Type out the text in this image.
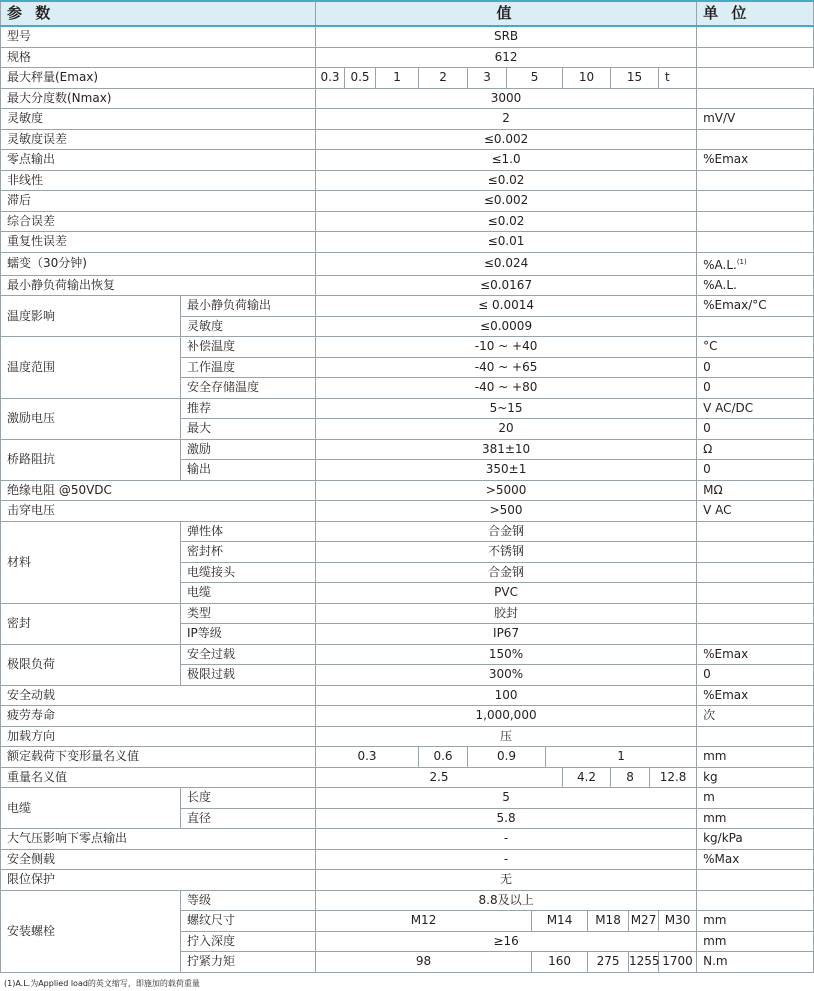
参 数		值														单 位
型号		SRB														
规格		612														
最大秤量(Emax)		0.3	0.5	1	2	3	5			10		15			t	
最大分度数(Nmax)		3000														
灵敏度		2														mV/V
灵敏度误差		≤0.002														
零点输出		≤1.0														%Emax
非线性		≤0.02														
滞后		≤0.002														
综合误差		≤0.02														
重复性误差		≤0.01														
蠕变（30分钟)		≤0.024														%A.L.$^{(1)}$
最小静负荷输出恢复		≤0.0167														%A.L.
温度影响	最小静负荷输出	≤ 0.0014														%Emax/°C
	灵敏度	≤0.0009														
温度范围	补偿温度	-10 ~ +40														°C
	工作温度	-40 ~ +65														0
	安全存储温度	-40 ~ +80														0
激励电压	推荐	5~15														V AC/DC
	最大	20														0
桥路阻抗	激励	381±10														Ω
	输出	350±1														0
绝缘电阻 @50VDC		>5000														MΩ
击穿电压		>500														V AC
材料	弹性体	合金钢														
	密封杯	不锈钢														
	电缆接头	合金钢														
	电缆	PVC														
密封	类型	胶封														
	IP等级	IP67														
极限负荷	安全过载	150%														%Emax
	极限过载	300%														0
安全动载		100														%Emax
疲劳寿命		1,000,000														次
加载方向		压														
额定载荷下变形量名义值		0.3			0.6	0.9			1							mm
重量名义值		2.5								4.2		8		12.8		kg
电缆	长度	5														m
	直径	5.8														mm
大气压影响下零点输出		-														kg/kPa
安全侧载		-														%Max
限位保护		无														
安装螺栓	等级	8.8及以上														
	螺纹尺寸	M12						M14			M18		M27		M30	mm
	拧入深度	≥16														mm
	拧紧力矩	98						160			275		1255		1700	N.m
(1)A.L.为Applied load的英文缩写，即施加的载荷重量
